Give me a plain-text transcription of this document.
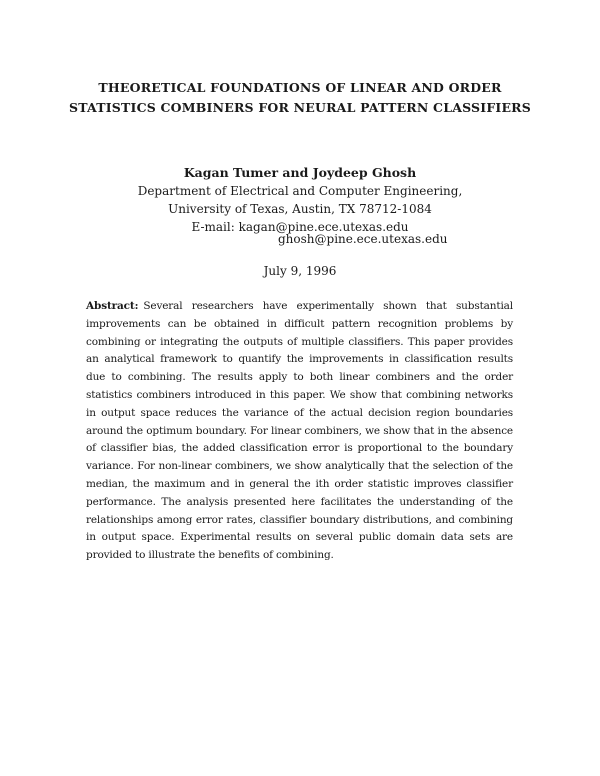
THEORETICAL FOUNDATIONS OF LINEAR AND ORDER
STATISTICS COMBINERS FOR NEURAL PATTERN CLASSIFIERS
Kagan Tumer and Joydeep Ghosh
Department of Electrical and Computer Engineering,
University of Texas, Austin, TX 78712-1084
E-mail: kagan@pine.ece.utexas.edu
ghosh@pine.ece.utexas.edu
July 9, 1996
Abstract: Several researchers have experimentally shown that substantial improvements can be obtained in difficult pattern recognition problems by combining or integrating the outputs of multiple classifiers. This paper provides an analytical framework to quantify the improvements in classification results due to combining. The results apply to both linear combiners and the order statistics combiners introduced in this paper. We show that combining networks in output space reduces the variance of the actual decision region boundaries around the optimum boundary. For linear combiners, we show that in the absence of classifier bias, the added classification error is proportional to the boundary variance. For non-linear combiners, we show analytically that the selection of the median, the maximum and in general the ith order statistic improves classifier performance. The analysis presented here facilitates the understanding of the relationships among error rates, classifier boundary distributions, and combining in output space. Experimental results on several public domain data sets are provided to illustrate the benefits of combining.
